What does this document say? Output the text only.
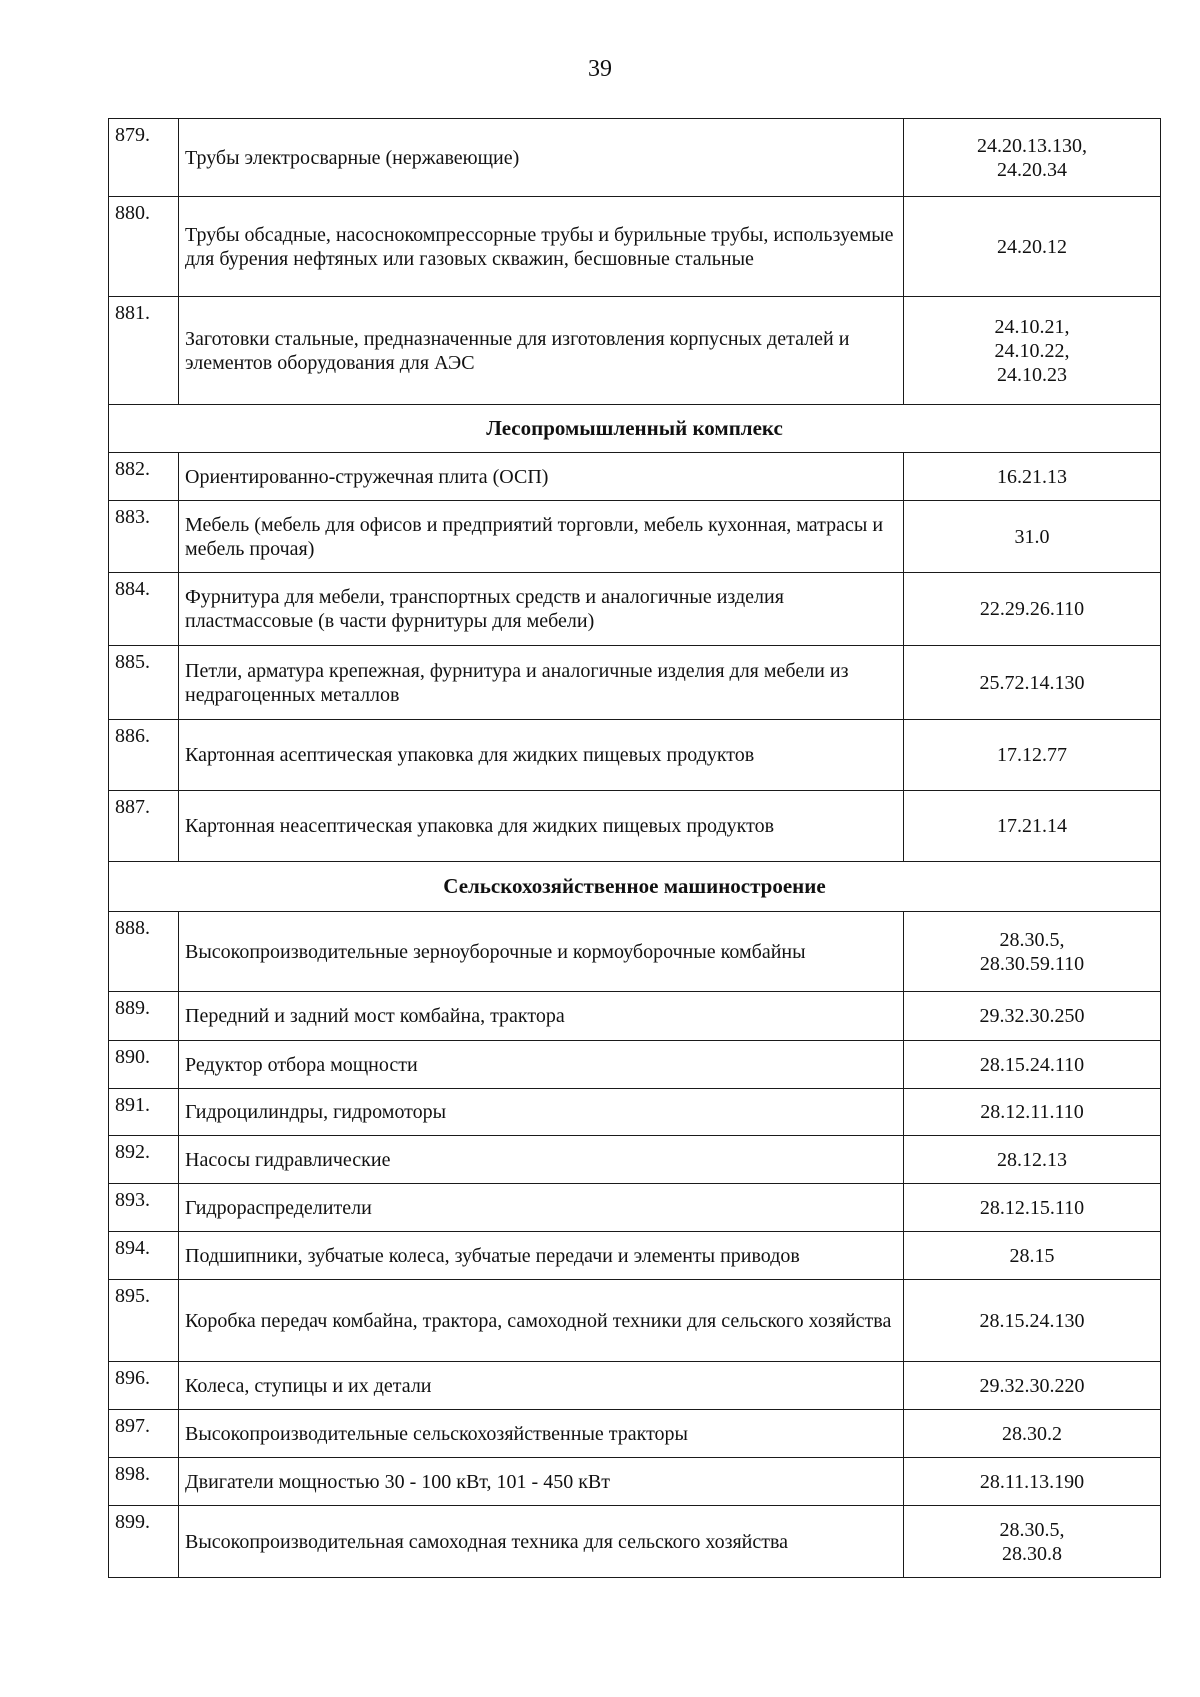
39
879.	Трубы электросварные (нержавеющие)	24.20.13.130,
24.20.34

880.	Трубы обсадные, насоснокомпрессорные трубы и бурильные трубы, используемые для бурения нефтяных или газовых скважин, бесшовные стальные	24.20.12

881.	Заготовки стальные, предназначенные для изготовления корпусных деталей и элементов оборудования для АЭС	24.10.21,
24.10.22,
24.10.23

Лесопромышленный комплекс		
882.	Ориентированно-стружечная плита (ОСП)	16.21.13

883.	Мебель (мебель для офисов и предприятий торговли, мебель кухонная, матрасы и мебель прочая)	31.0

884.	Фурнитура для мебели, транспортных средств и аналогичные изделия пластмассовые (в части фурнитуры для мебели)	22.29.26.110

885.	Петли, арматура крепежная, фурнитура и аналогичные изделия для мебели из недрагоценных металлов	25.72.14.130

886.	Картонная асептическая упаковка для жидких пищевых продуктов	17.12.77

887.	Картонная неасептическая упаковка для жидких пищевых продуктов	17.21.14

Сельскохозяйственное машиностроение		
888.	Высокопроизводительные зерноуборочные и кормоуборочные комбайны	28.30.5,
28.30.59.110

889.	Передний и задний мост комбайна, трактора	29.32.30.250

890.	Редуктор отбора мощности	28.15.24.110

891.	Гидроцилиндры, гидромоторы	28.12.11.110

892.	Насосы гидравлические	28.12.13

893.	Гидрораспределители	28.12.15.110

894.	Подшипники, зубчатые колеса, зубчатые передачи и элементы приводов	28.15

895.	Коробка передач комбайна, трактора, самоходной техники для сельского хозяйства	28.15.24.130

896.	Колеса, ступицы и их детали	29.32.30.220

897.	Высокопроизводительные сельскохозяйственные тракторы	28.30.2

898.	Двигатели мощностью 30 - 100 кВт, 101 - 450 кВт	28.11.13.190

899.	Высокопроизводительная самоходная техника для сельского хозяйства	28.30.5,
28.30.8
